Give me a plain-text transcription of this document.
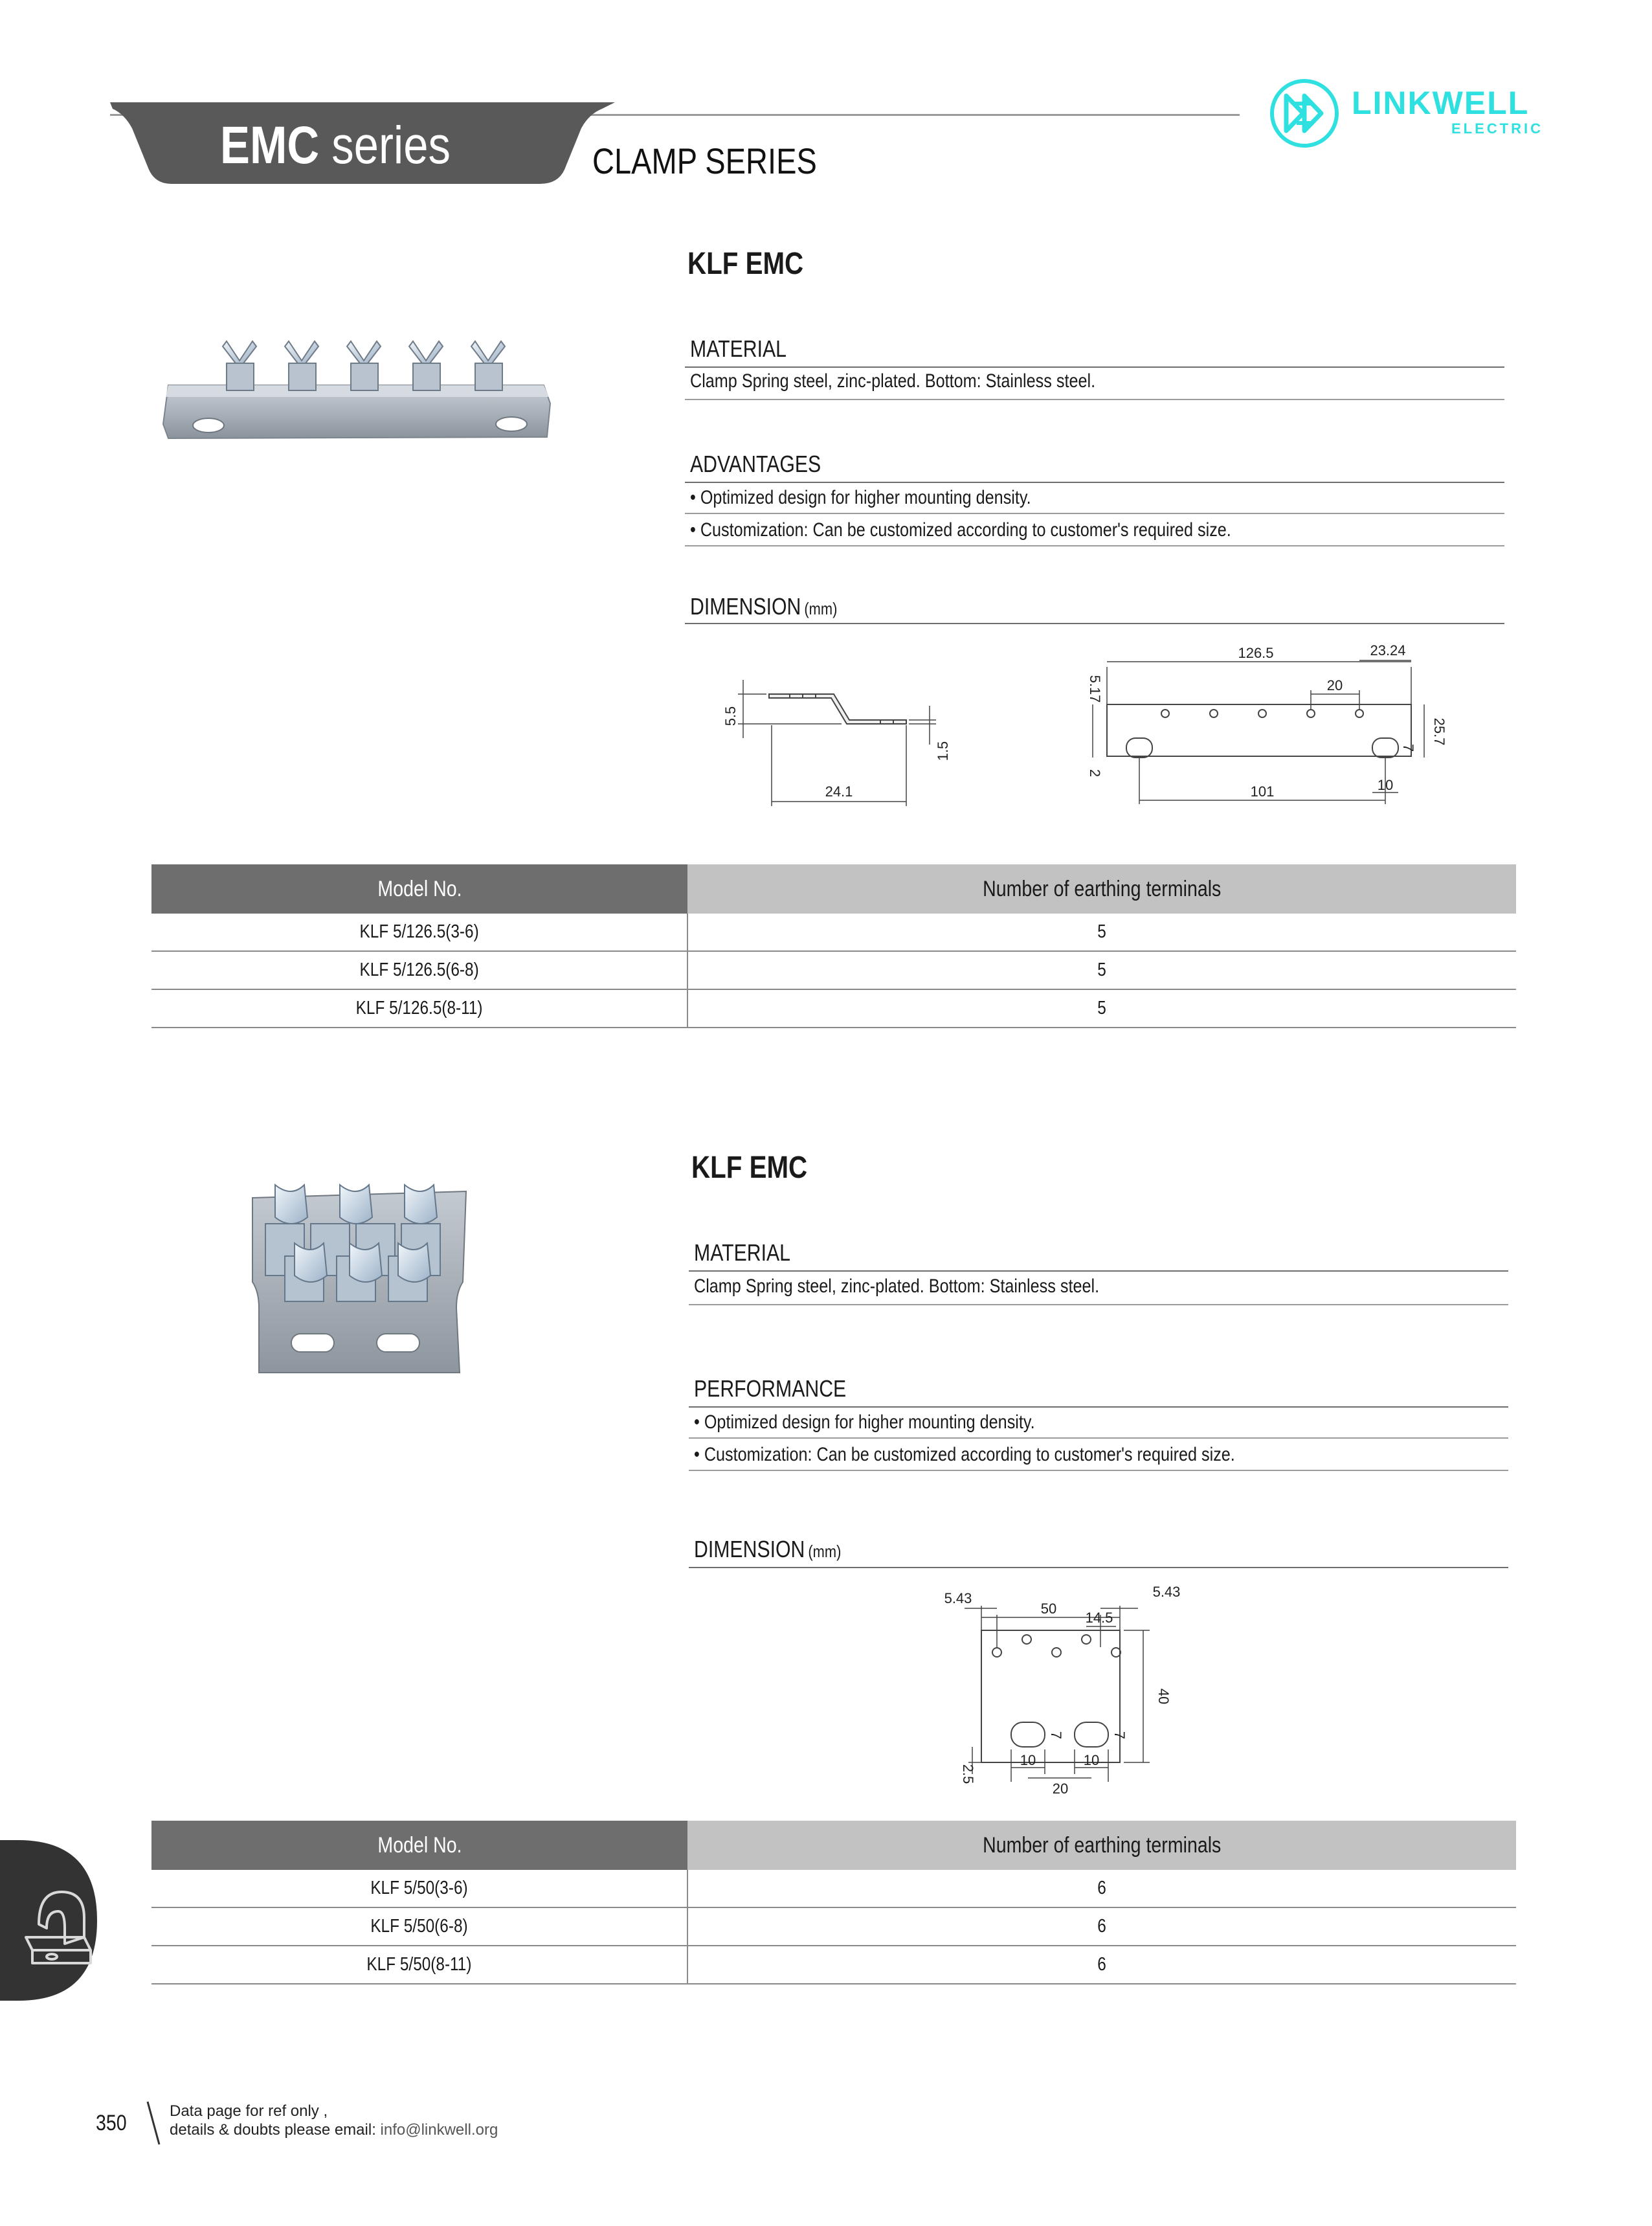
EMC series	CLAMP SERIES
LINKWELL
ELECTRIC
KLF EMC
MATERIAL
Clamp Spring steel, zinc-plated. Bottom: Stainless steel.
ADVANTAGES
• Optimized design for higher mounting density.
• Customization: Can be customized according to customer's required size.
DIMENSION (mm)
5.5
1.5
24.1
126.5	23.24
20
5.17
25.7
2
101	10
7
Model No.	Number of earthing terminals
KLF 5/126.5(3-6)	5
KLF 5/126.5(6-8)	5
KLF 5/126.5(8-11)	5
KLF EMC
MATERIAL
Clamp Spring steel, zinc-plated. Bottom: Stainless steel.
PERFORMANCE
• Optimized design for higher mounting density.
• Customization: Can be customized according to customer's required size.
DIMENSION (mm)
5.43
50
5.43
14.5
40
7	7
2.5
10	10
20
Model No.	Number of earthing terminals
KLF 5/50(3-6)	6
KLF 5/50(6-8)	6
KLF 5/50(8-11)	6
350	Data page for ref only ,
details & doubts please email: info@linkwell.org
